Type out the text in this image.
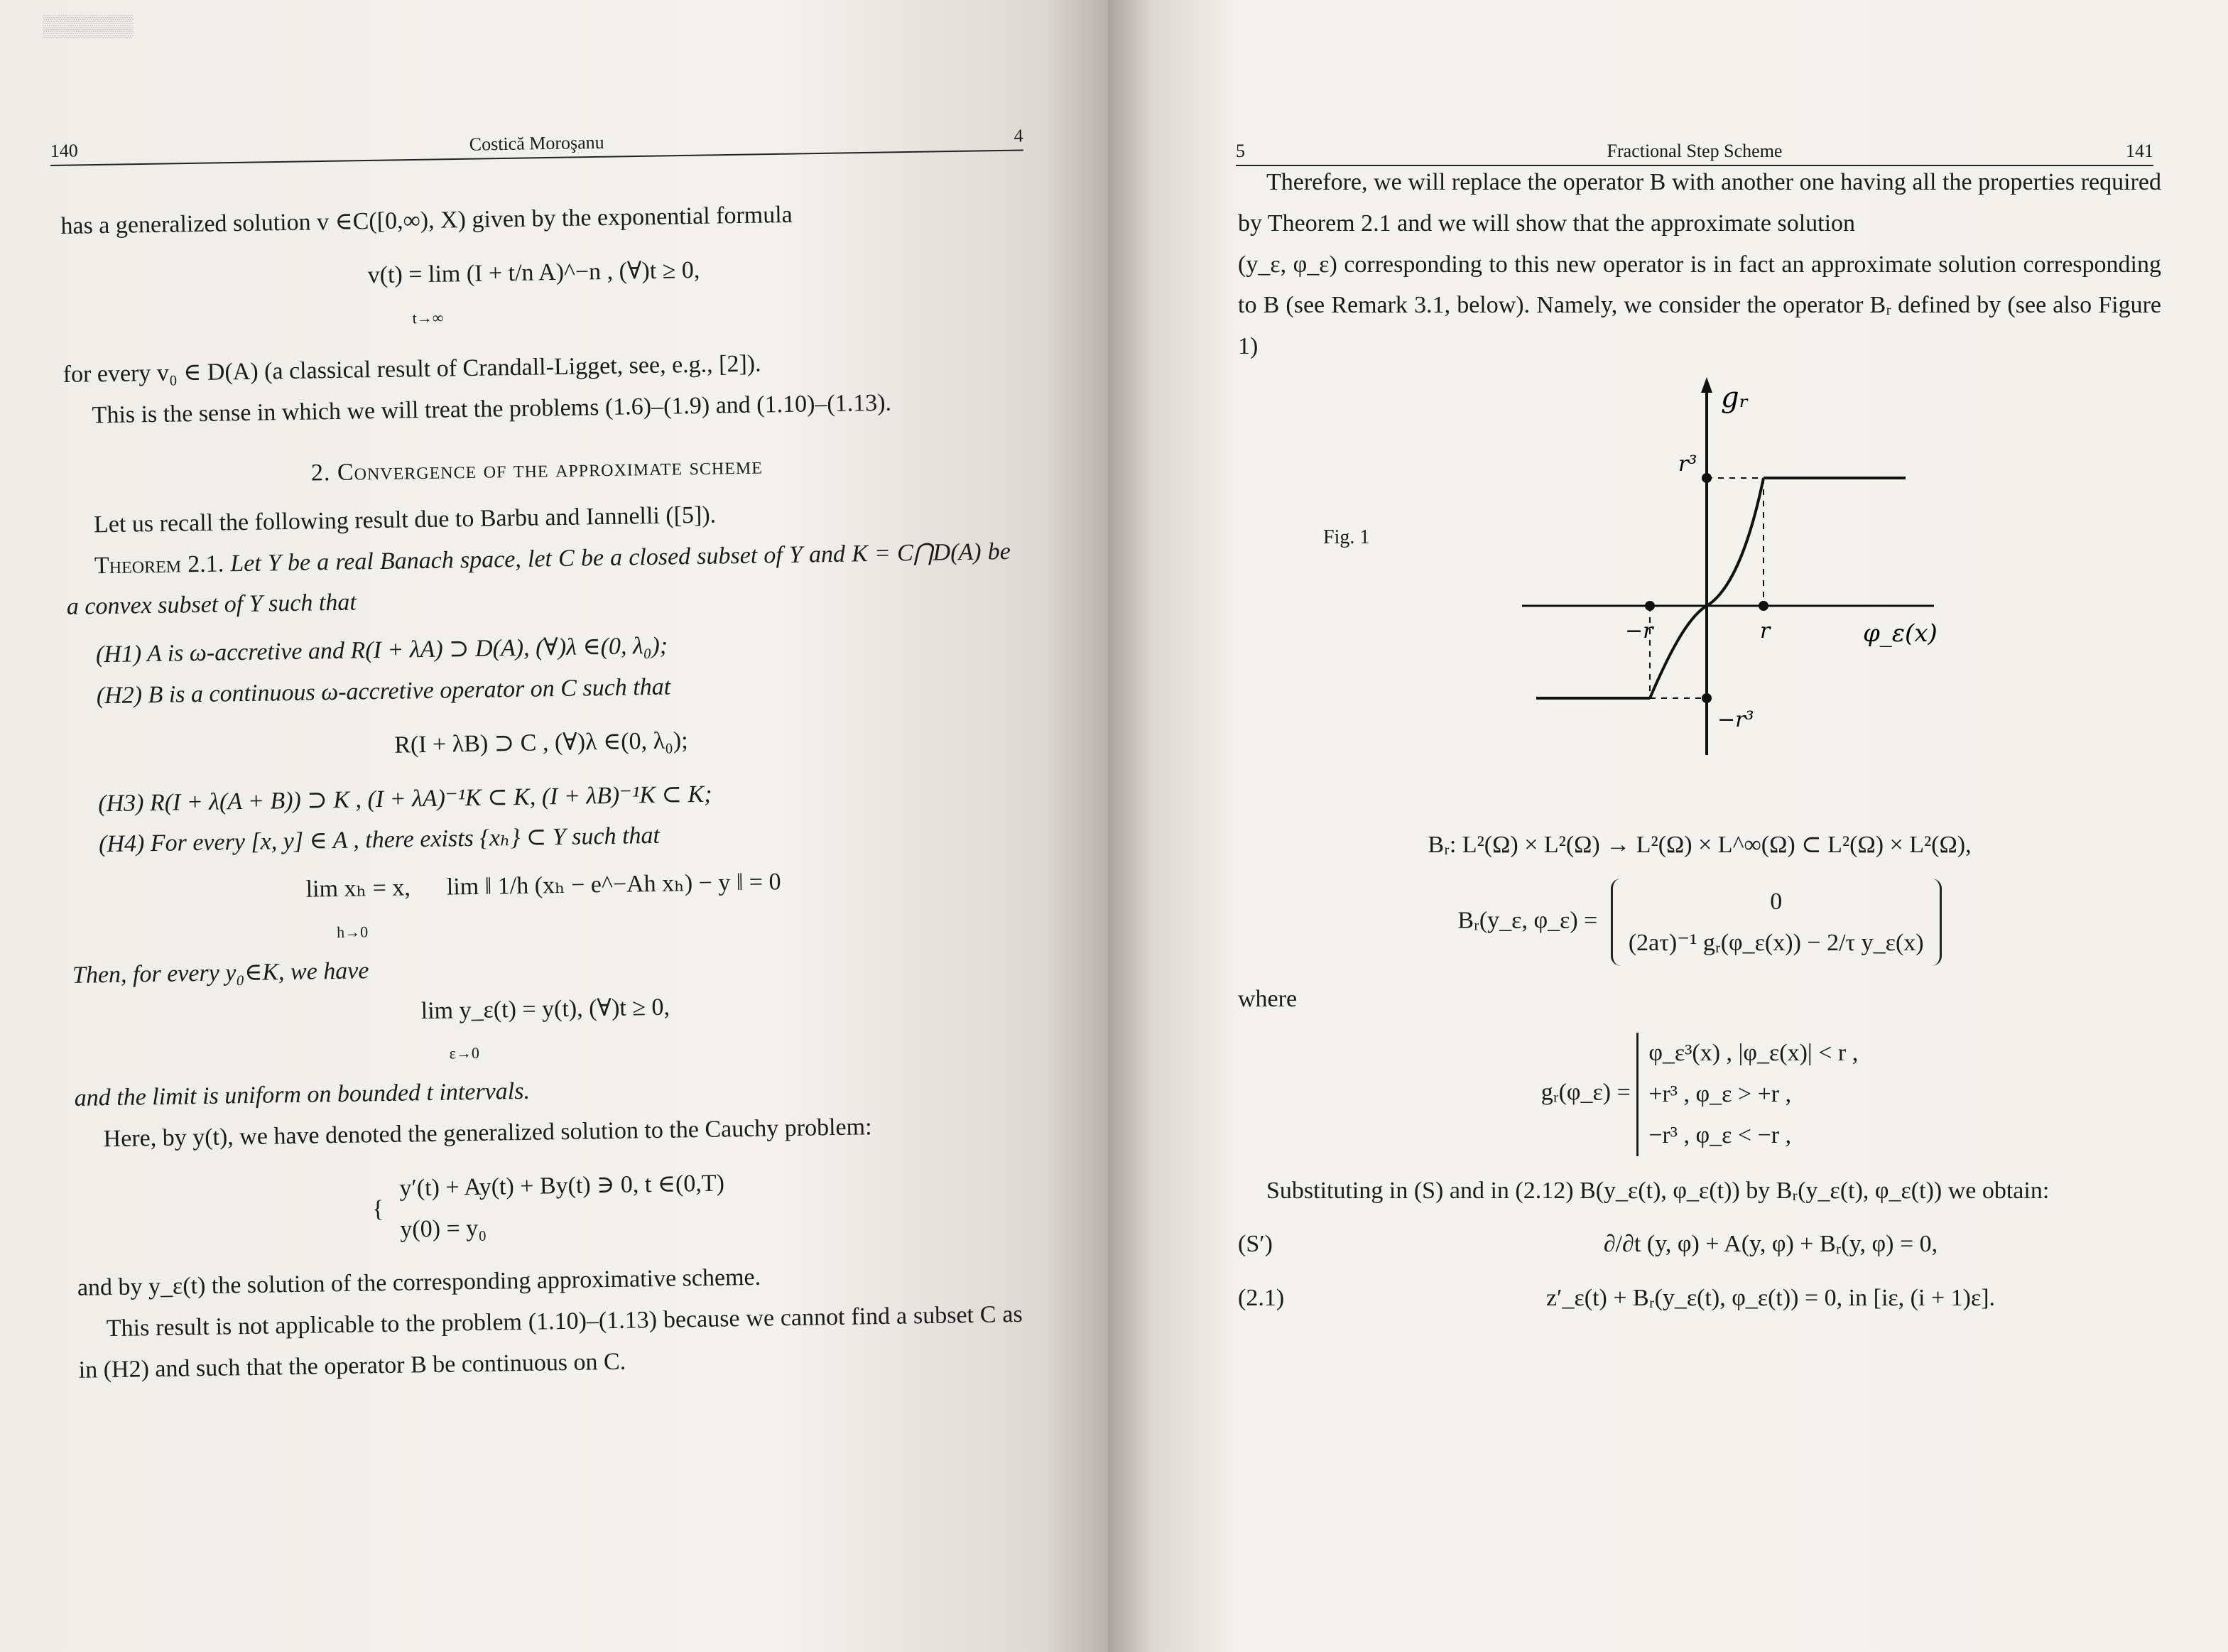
▒▒▒▒▒▒
140	Costică Moroşanu	4

has a generalized solution v ∈C([0,∞), X) given by the exponential formula

v(t) = lim (I + t/n A)^−n , (∀)t ≥ 0,
t→∞

for every v₀ ∈ D(A) (a classical result of Crandall-Ligget, see, e.g., [2]).

This is the sense in which we will treat the problems (1.6)–(1.9) and (1.10)–(1.13).

2. Convergence of the approximate scheme

Let us recall the following result due to Barbu and Iannelli ([5]).

Theorem 2.1. Let Y be a real Banach space, let C be a closed subset of Y and K = C⋂D(A) be a convex subset of Y such that

(H1) A is ω-accretive and R(I + λA) ⊃ D(A), (∀)λ ∈(0, λ₀);

(H2) B is a continuous ω-accretive operator on C such that

R(I + λB) ⊃ C , (∀)λ ∈(0, λ₀);

(H3) R(I + λ(A + B)) ⊃ K , (I + λA)⁻¹K ⊂ K, (I + λB)⁻¹K ⊂ K;

(H4) For every [x, y] ∈ A , there exists {xₕ} ⊂ Y such that

lim xₕ = x, lim ‖ 1/h (xₕ − e^−Ah xₕ) − y ‖ = 0
h→0

Then, for every y₀∈K, we have

lim y_ε(t) = y(t), (∀)t ≥ 0,
ε→0

and the limit is uniform on bounded t intervals.

Here, by y(t), we have denoted the generalized solution to the Cauchy problem:

{ y′(t) + Ay(t) + By(t) ∋ 0, t ∈(0,T)
y(0) = y₀

and by y_ε(t) the solution of the corresponding approximative scheme.

This result is not applicable to the problem (1.10)–(1.13) because we cannot find a subset C as in (H2) and such that the operator B be continuous on C.

5	Fractional Step Scheme	141

Therefore, we will replace the operator B with another one having all the properties required by Theorem 2.1 and we will show that the approximate solution

(y_ε, φ_ε) corresponding to this new operator is in fact an approximate solution corresponding to B (see Remark 3.1, below). Namely, we consider the operator Bᵣ defined by (see also Figure 1)

Fig. 1
gᵣ
r³
−r³
−r	r	φ_ε(x)
Bᵣ: L²(Ω) × L²(Ω) → L²(Ω) × L^∞(Ω) ⊂ L²(Ω) × L²(Ω),
Bᵣ(y_ε, φ_ε) = 0
(2aτ)⁻¹ gᵣ(φ_ε(x)) − 2/τ y_ε(x)

where

gᵣ(φ_ε) = φ_ε³(x) , |φ_ε(x)| < r ,
+r³ , φ_ε > +r ,
−r³ , φ_ε < −r ,

Substituting in (S) and in (2.12) B(y_ε(t), φ_ε(t)) by Bᵣ(y_ε(t), φ_ε(t)) we obtain:

(S′)	∂/∂t (y, φ) + A(y, φ) + Bᵣ(y, φ) = 0,
(2.1)	z′_ε(t) + Bᵣ(y_ε(t), φ_ε(t)) = 0, in [iε, (i + 1)ε].
